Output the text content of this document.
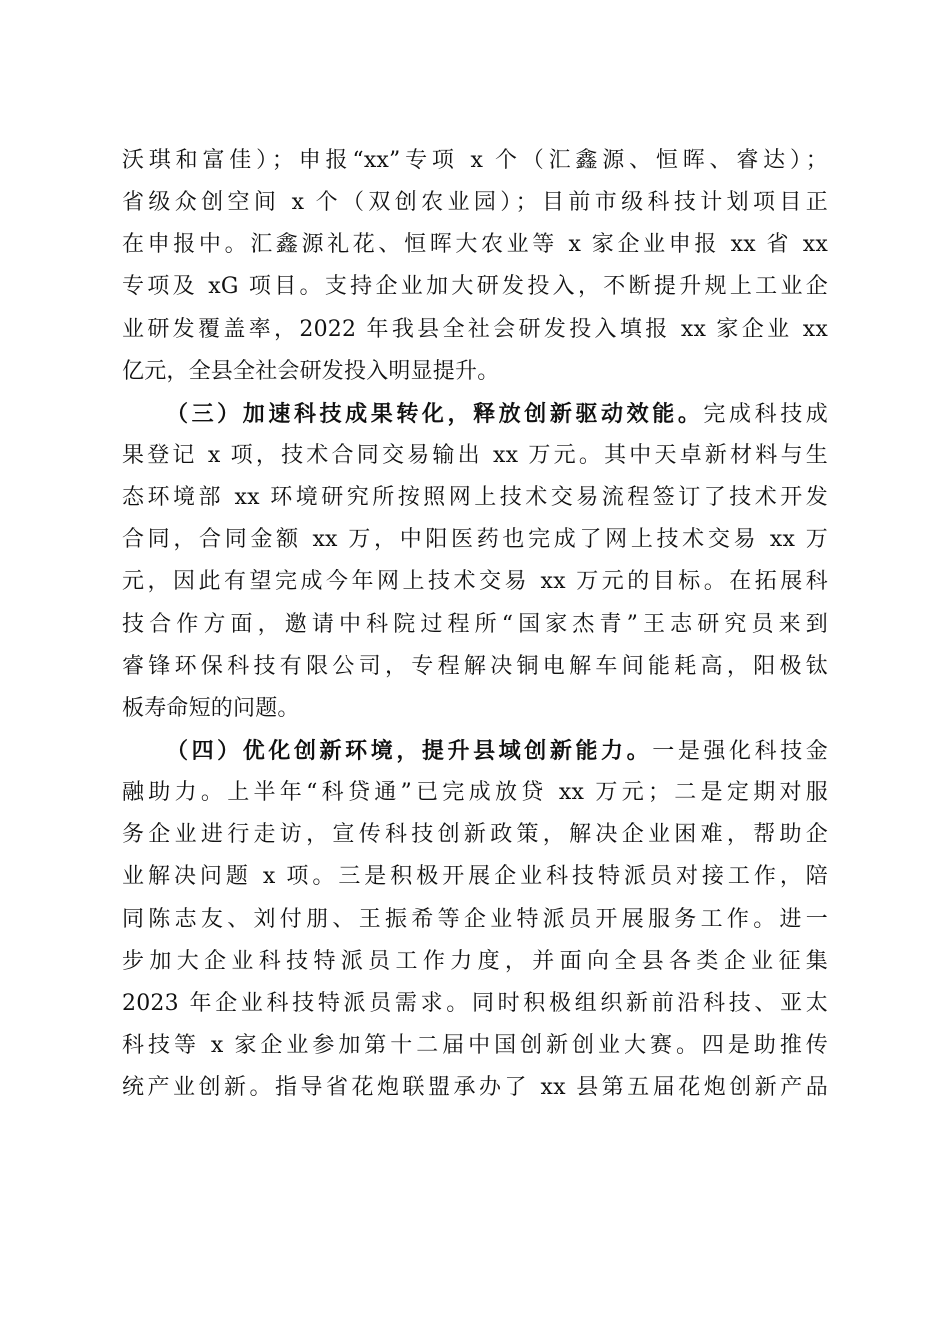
沃琪和富佳）；申报“xx”专项 x 个（汇鑫源、恒晖、睿达）；
省级众创空间 x 个（双创农业园）；目前市级科技计划项目正
在申报中。汇鑫源礼花、恒晖大农业等 x 家企业申报 xx 省 xx
专项及 xG 项目。支持企业加大研发投入，不断提升规上工业企
业研发覆盖率，2022 年我县全社会研发投入填报 xx 家企业 xx
亿元，全县全社会研发投入明显提升。
（三）加速科技成果转化，释放创新驱动效能。完成科技成
果登记 x 项，技术合同交易输出 xx 万元。其中天卓新材料与生
态环境部 xx 环境研究所按照网上技术交易流程签订了技术开发
合同，合同金额 xx 万，中阳医药也完成了网上技术交易 xx 万
元，因此有望完成今年网上技术交易 xx 万元的目标。在拓展科
技合作方面，邀请中科院过程所“国家杰青”王志研究员来到
睿锋环保科技有限公司，专程解决铜电解车间能耗高，阳极钛
板寿命短的问题。
（四）优化创新环境，提升县域创新能力。一是强化科技金
融助力。上半年“科贷通”已完成放贷 xx 万元；二是定期对服
务企业进行走访，宣传科技创新政策，解决企业困难，帮助企
业解决问题 x 项。三是积极开展企业科技特派员对接工作，陪
同陈志友、刘付朋、王振希等企业特派员开展服务工作。进一
步加大企业科技特派员工作力度，并面向全县各类企业征集
2023 年企业科技特派员需求。同时积极组织新前沿科技、亚太
科技等 x 家企业参加第十二届中国创新创业大赛。四是助推传
统产业创新。指导省花炮联盟承办了 xx 县第五届花炮创新产品
